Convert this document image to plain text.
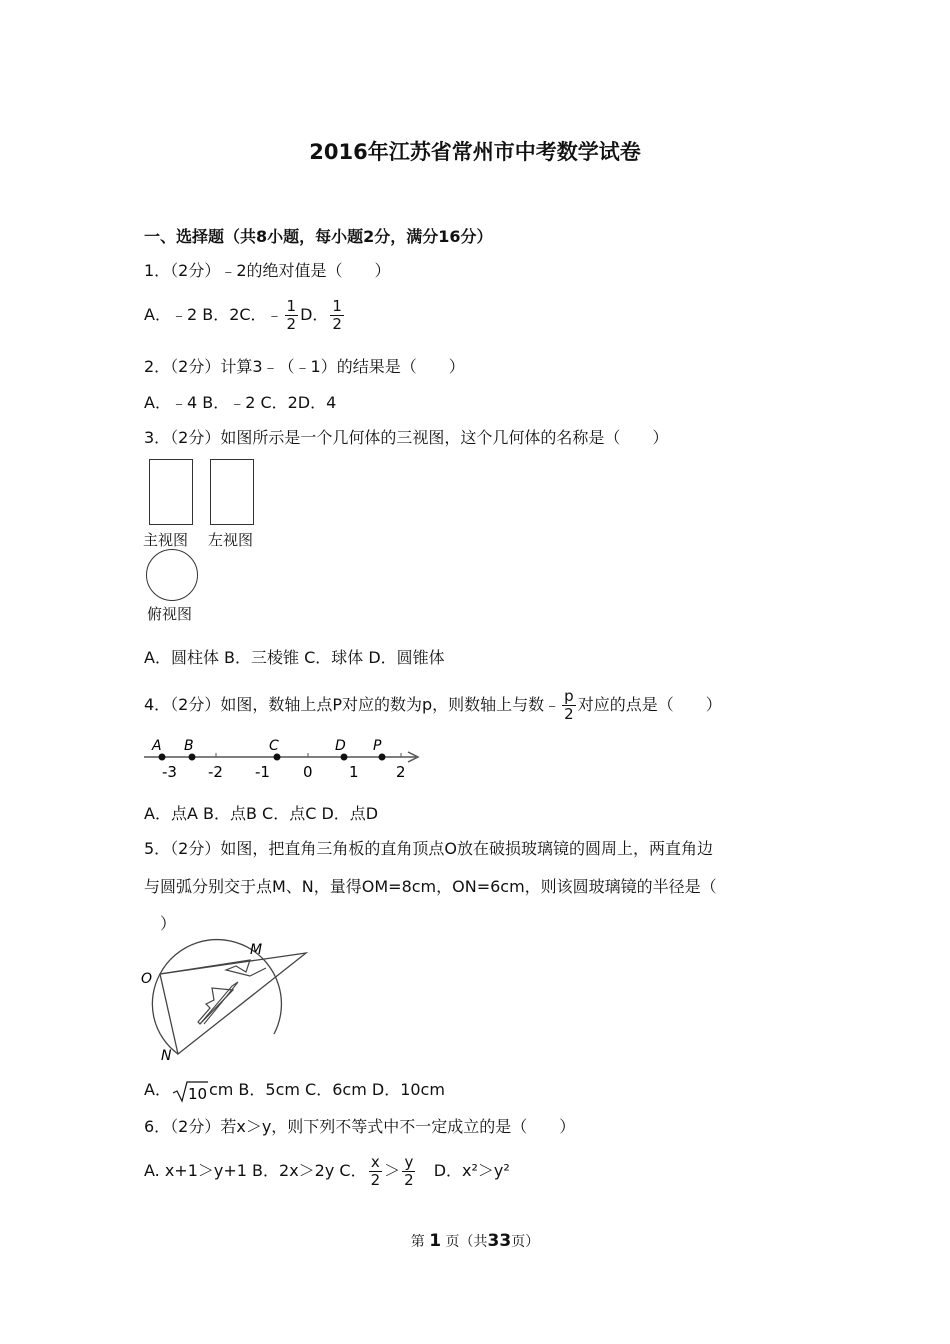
2016年江苏省常州市中考数学试卷
一、选择题（共8小题，每小题2分，满分16分）
1．（2分）﹣2的绝对值是（　　）
A．﹣2 B．2C．﹣ $\frac{1}{2}$ D． $\frac{1}{2}$
2．（2分）计算3﹣（﹣1）的结果是（　　）
A．﹣4 B．﹣2 C．2D．4
3．（2分）如图所示是一个几何体的三视图，这个几何体的名称是（　　）
主视图 左视图
俯视图
A．圆柱体 B．三棱锥 C．球体 D．圆锥体
4．（2分）如图，数轴上点P对应的数为p，则数轴上与数﹣ $\frac{p}{2}$ 对应的点是（　　）
A B	C	D P
-3 -2 -1 0 1 2
A．点A B．点B C．点C D．点D
5．（2分）如图，把直角三角板的直角顶点O放在破损玻璃镜的圆周上，两直角边
与圆弧分别交于点M、N，量得OM=8cm，ON=6cm，则该圆玻璃镜的半径是（
　）
O
M
N
A． 10 cm B．5cm C．6cm D．10cm
6．（2分）若x＞y，则下列不等式中不一定成立的是（　　）
A. x+1＞y+1 B．2x＞2y C． $\frac{x}{2} > \frac{y}{2}$ D．x²＞y²
第 1 页（共33页）
